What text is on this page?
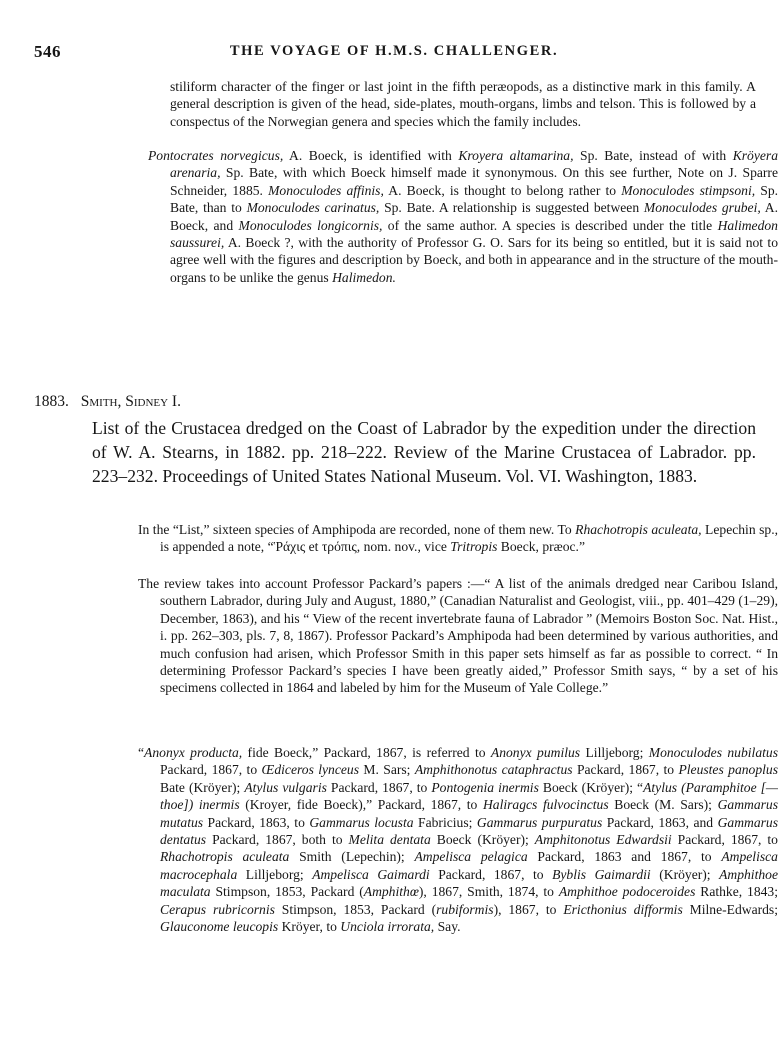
546	THE VOYAGE OF H.M.S. CHALLENGER.

stiliform character of the finger or last joint in the fifth peræopods, as a distinctive mark in this family. A general description is given of the head, side-plates, mouth-organs, limbs and telson. This is followed by a conspectus of the Norwegian genera and species which the family includes.

Pontocrates norvegicus, A. Boeck, is identified with Kroyera altamarina, Sp. Bate, instead of with Kröyera arenaria, Sp. Bate, with which Boeck himself made it synonymous. On this see further, Note on J. Sparre Schneider, 1885. Monoculodes affinis, A. Boeck, is thought to belong rather to Monoculodes stimpsoni, Sp. Bate, than to Monoculodes carinatus, Sp. Bate. A relationship is suggested between Monoculodes grubei, A. Boeck, and Monoculodes longicornis, of the same author. A species is described under the title Halimedon saussurei, A. Boeck ?, with the authority of Professor G. O. Sars for its being so entitled, but it is said not to agree well with the figures and description by Boeck, and both in appearance and in the structure of the mouth-organs to be unlike the genus Halimedon.

1883. Smith, Sidney I.

List of the Crustacea dredged on the Coast of Labrador by the expedition under the direction of W. A. Stearns, in 1882. pp. 218–222. Review of the Marine Crustacea of Labrador. pp. 223–232. Proceedings of United States National Museum. Vol. VI. Washington, 1883.

In the “List,” sixteen species of Amphipoda are recorded, none of them new. To Rhachotropis aculeata, Lepechin sp., is appended a note, “Ῥάχις et τρόπις, nom. nov., vice Tritropis Boeck, præoc.”

The review takes into account Professor Packard’s papers :—“ A list of the animals dredged near Caribou Island, southern Labrador, during July and August, 1880,” (Canadian Naturalist and Geologist, viii., pp. 401–429 (1–29), December, 1863), and his “ View of the recent invertebrate fauna of Labrador ” (Memoirs Boston Soc. Nat. Hist., i. pp. 262–303, pls. 7, 8, 1867). Professor Packard’s Amphipoda had been determined by various authorities, and much confusion had arisen, which Professor Smith in this paper sets himself as far as possible to correct. “ In determining Professor Packard’s species I have been greatly aided,” Professor Smith says, “ by a set of his specimens collected in 1864 and labeled by him for the Museum of Yale College.”

“Anonyx producta, fide Boeck,” Packard, 1867, is referred to Anonyx pumilus Lilljeborg; Monoculodes nubilatus Packard, 1867, to Œdiceros lynceus M. Sars; Amphithonotus cataphractus Packard, 1867, to Pleustes panoplus Bate (Kröyer); Atylus vulgaris Packard, 1867, to Pontogenia inermis Boeck (Kröyer); “Atylus (Paramphitoe [—thoe]) inermis (Kroyer, fide Boeck),” Packard, 1867, to Haliragcs fulvocinctus Boeck (M. Sars); Gammarus mutatus Packard, 1863, to Gammarus locusta Fabricius; Gammarus purpuratus Packard, 1863, and Gammarus dentatus Packard, 1867, both to Melita dentata Boeck (Kröyer); Amphitonotus Edwardsii Packard, 1867, to Rhachotropis aculeata Smith (Lepechin); Ampelisca pelagica Packard, 1863 and 1867, to Ampelisca macrocephala Lilljeborg; Ampelisca Gaimardi Packard, 1867, to Byblis Gaimardii (Kröyer); Amphithoe maculata Stimpson, 1853, Packard (Amphithœ), 1867, Smith, 1874, to Amphithoe podoceroides Rathke, 1843; Cerapus rubricornis Stimpson, 1853, Packard (rubiformis), 1867, to Ericthonius difformis Milne-Edwards; Glauconome leucopis Kröyer, to Unciola irrorata, Say.
